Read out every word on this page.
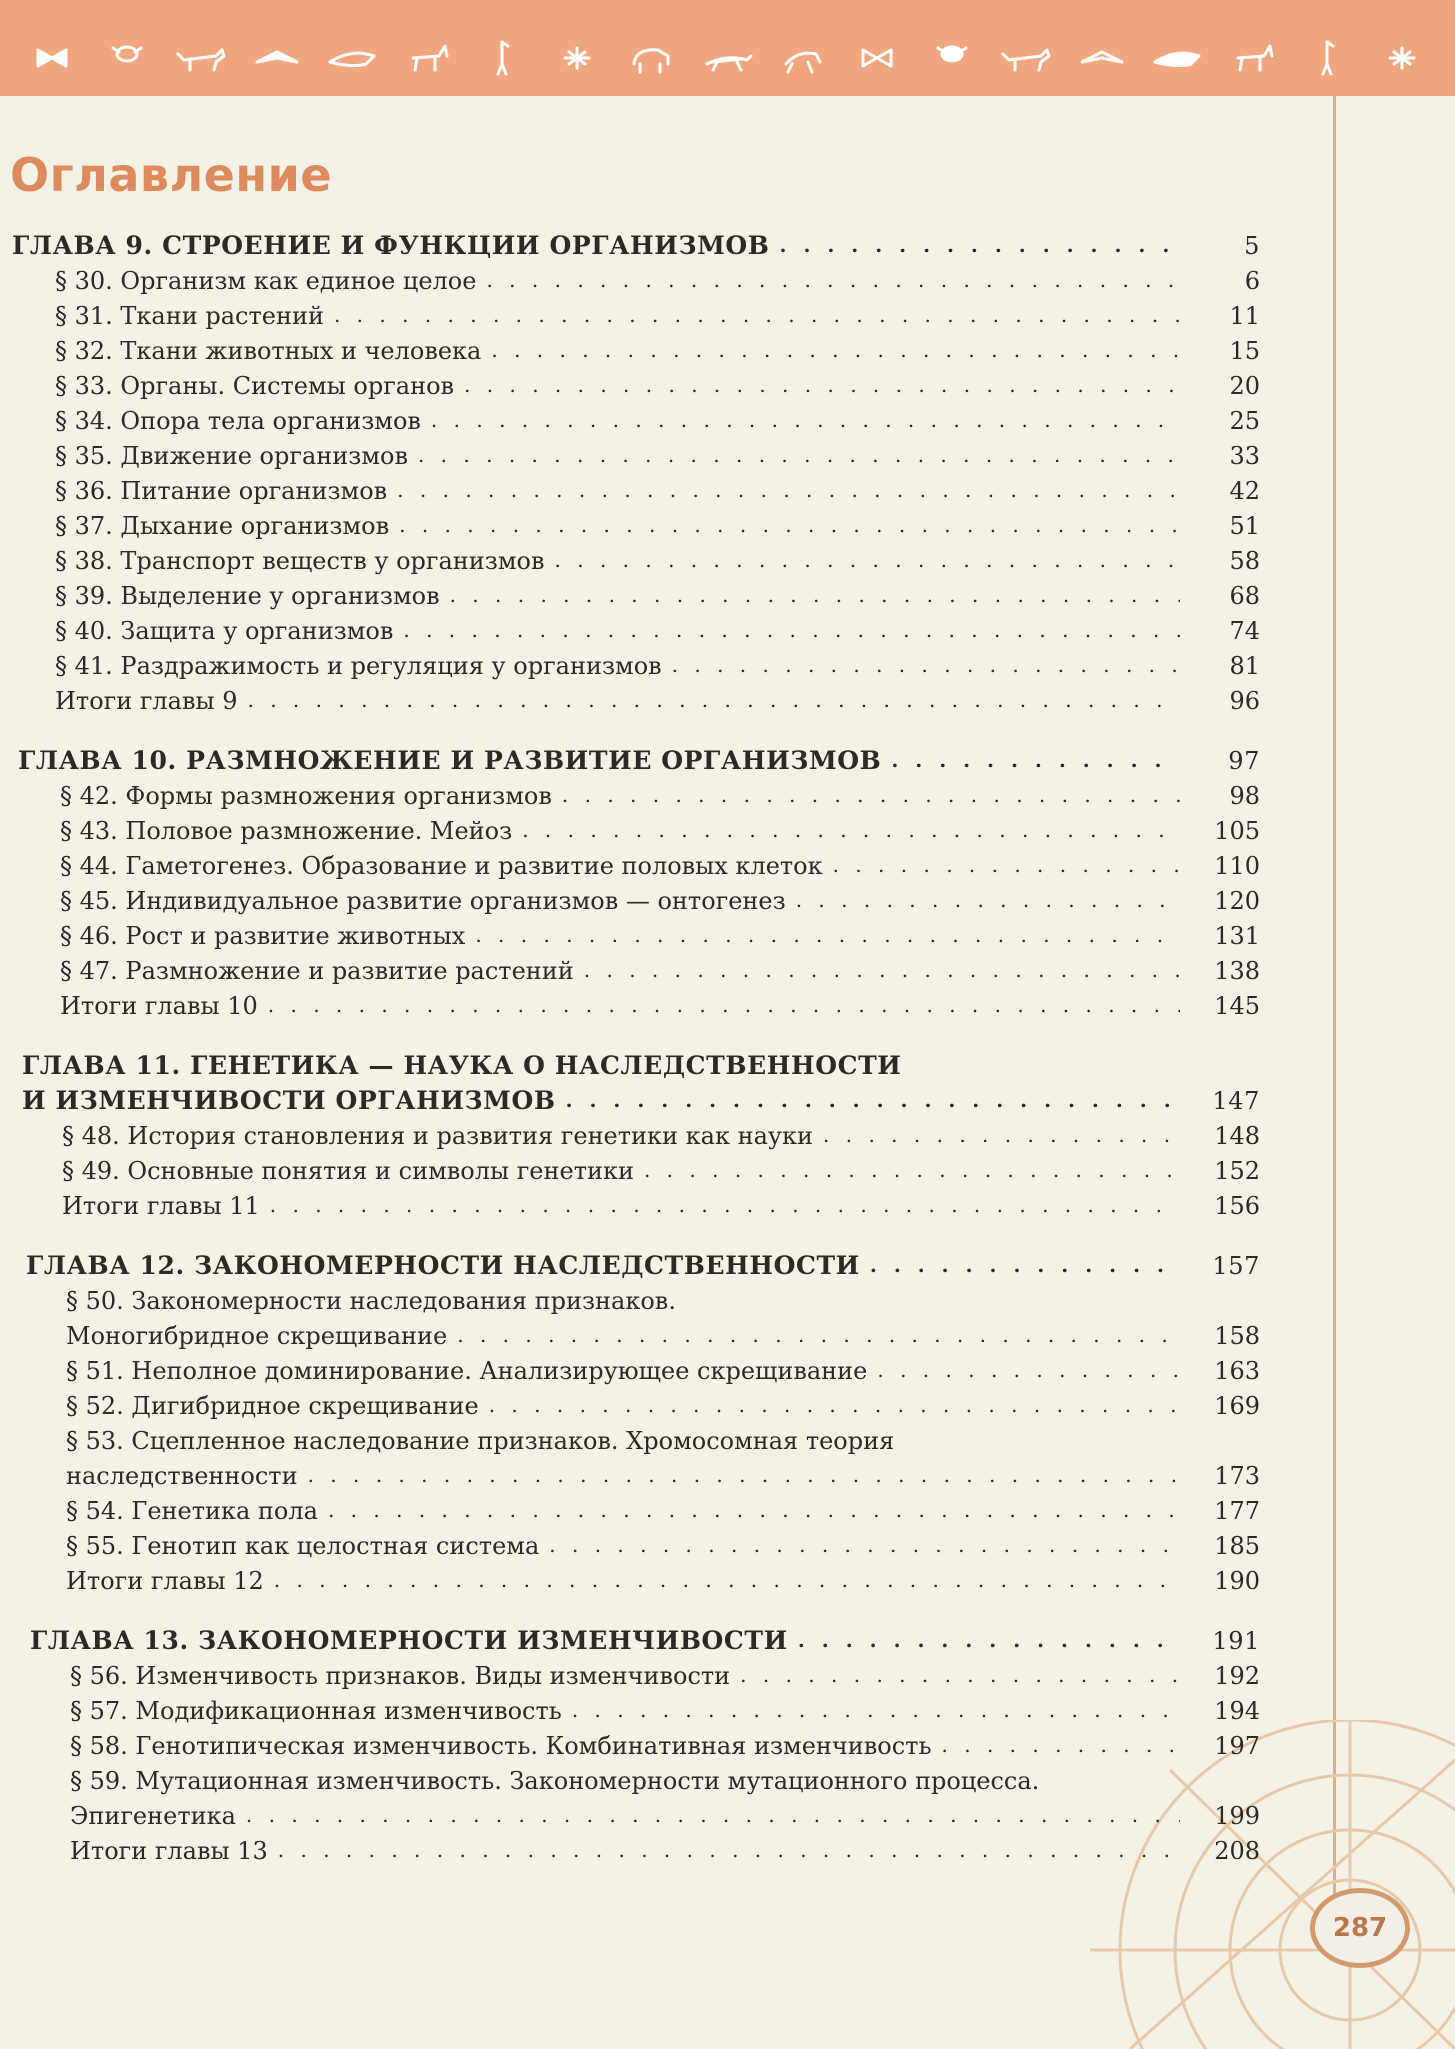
287
Оглавление
ГЛАВА 9. СТРОЕНИЕ И ФУНКЦИИ ОРГАНИЗМОВ . . .	5
§ 30. Организм как единое целое . . .	6
§ 31. Ткани растений . . .	11
§ 32. Ткани животных и человека . . .	15
§ 33. Органы. Системы органов . . .	20
§ 34. Опора тела организмов . . .	25
§ 35. Движение организмов . . .	33
§ 36. Питание организмов . . .	42
§ 37. Дыхание организмов . . .	51
§ 38. Транспорт веществ у организмов . . .	58
§ 39. Выделение у организмов . . .	68
§ 40. Защита у организмов . . .	74
§ 41. Раздражимость и регуляция у организмов . . .	81
Итоги главы 9 . . .	96
ГЛАВА 10. РАЗМНОЖЕНИЕ И РАЗВИТИЕ ОРГАНИЗМОВ . . .	97
§ 42. Формы размножения организмов . . .	98
§ 43. Половое размножение. Мейоз . . .	105
§ 44. Гаметогенез. Образование и развитие половых клеток . . .	110
§ 45. Индивидуальное развитие организмов — онтогенез . . .	120
§ 46. Рост и развитие животных . . .	131
§ 47. Размножение и развитие растений . . .	138
Итоги главы 10 . . .	145
ГЛАВА 11. ГЕНЕТИКА — НАУКА О НАСЛЕДСТВЕННОСТИ
И ИЗМЕНЧИВОСТИ ОРГАНИЗМОВ . . .	147
§ 48. История становления и развития генетики как науки . . .	148
§ 49. Основные понятия и символы генетики . . .	152
Итоги главы 11 . . .	156
ГЛАВА 12. ЗАКОНОМЕРНОСТИ НАСЛЕДСТВЕННОСТИ . . .	157
§ 50. Закономерности наследования признаков.
Моногибридное скрещивание . . .	158
§ 51. Неполное доминирование. Анализирующее скрещивание . . .	163
§ 52. Дигибридное скрещивание . . .	169
§ 53. Сцепленное наследование признаков. Хромосомная теория
наследственности . . .	173
§ 54. Генетика пола . . .	177
§ 55. Генотип как целостная система . . .	185
Итоги главы 12 . . .	190
ГЛАВА 13. ЗАКОНОМЕРНОСТИ ИЗМЕНЧИВОСТИ . . .	191
§ 56. Изменчивость признаков. Виды изменчивости . . .	192
§ 57. Модификационная изменчивость . . .	194
§ 58. Генотипическая изменчивость. Комбинативная изменчивость . . .	197
§ 59. Мутационная изменчивость. Закономерности мутационного процесса.
Эпигенетика . . .	199
Итоги главы 13 . . .	208
